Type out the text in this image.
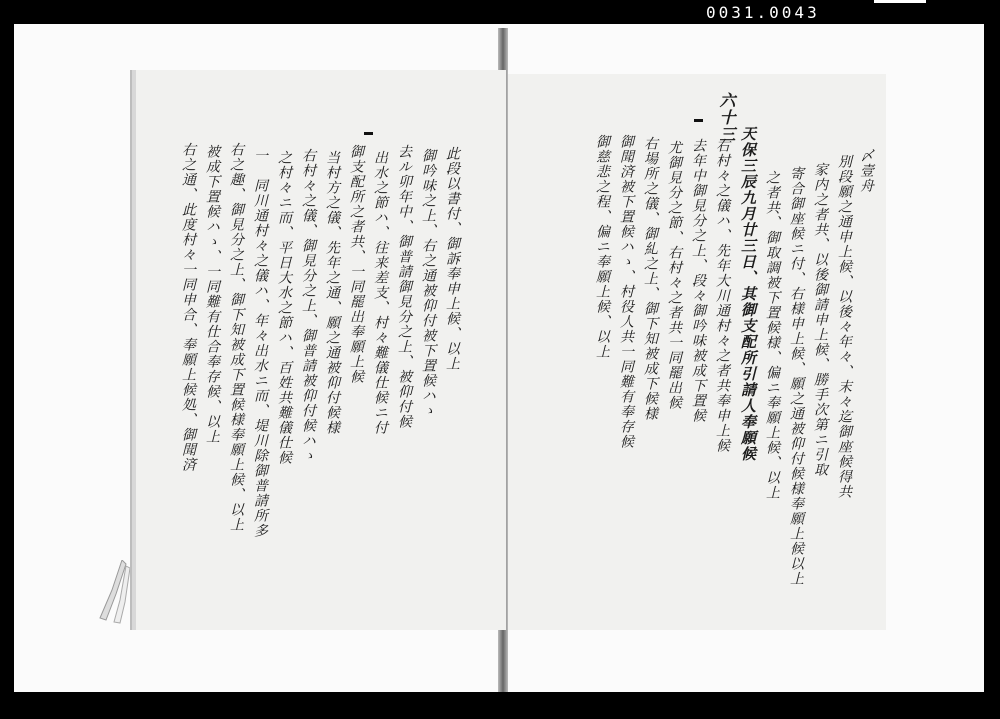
0031.0043
右之通、此度村々一同申合、奉願上候処、御聞済 被成下置候ハゝ、一同難有仕合奉存候、以上 右之趣、御見分之上、御下知被成下置候様奉願上候、以上 一　同川通村々之儀ハ、年々出水ニ而、堤川除御普請所多 之村々ニ而、平日大水之節ハ、百姓共難儀仕候 右村々之儀、御見分之上、御普請被仰付候ハゝ 当村方之儀、先年之通、願之通被仰付候様 御支配所之者共、一同罷出奉願上候 出水之節ハ、往来差支、村々難儀仕候ニ付 去ル卯年中、御普請御見分之上、被仰付候 御吟味之上、右之通被仰付被下置候ハゝ 此段以書付、御訴奉申上候、以上
六十三
〆壹舟
別段願之通申上候、以後々年々、末々迄御座候得共
家内之者共、以後御請申上候、勝手次第ニ引取
寄合御座候ニ付、右様申上候、願之通被仰付候様奉願上候以上
之者共、御取調被下置候様、偏ニ奉願上候、以上
天保三辰九月廿三日、其御支配所引請人奉願候
右村々之儀ハ、先年大川通村々之者共奉申上候
去年中御見分之上、段々御吟味被成下置候
尤御見分之節、右村々之者共一同罷出候
右場所之儀、御糺之上、御下知被成下候様
御聞済被下置候ハゝ、村役人共一同難有奉存候
御慈悲之程、偏ニ奉願上候、以上
